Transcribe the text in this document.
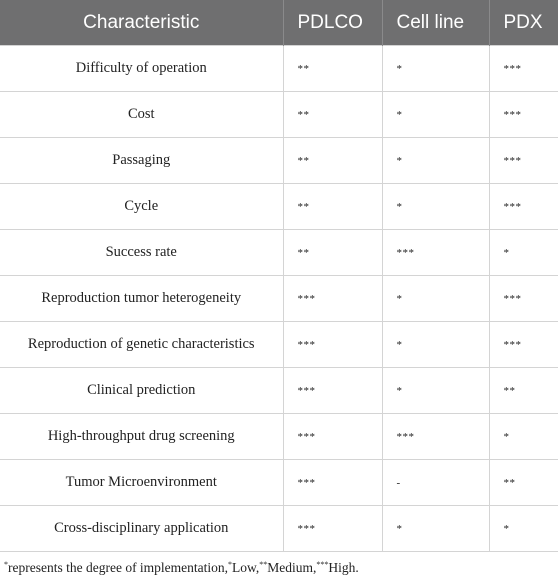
Characteristic	PDLCO	Cell line	PDX
Difficulty of operation	**	*	***
Cost	**	*	***
Passaging	**	*	***
Cycle	**	*	***
Success rate	**	***	*
Reproduction tumor heterogeneity	***	*	***
Reproduction of genetic characteristics	***	*	***
Clinical prediction	***	*	**
High-throughput drug screening	***	***	*
Tumor Microenvironment	***	-	**
Cross-disciplinary application	***	*	*
*represents the degree of implementation,*Low,**Medium,***High.
